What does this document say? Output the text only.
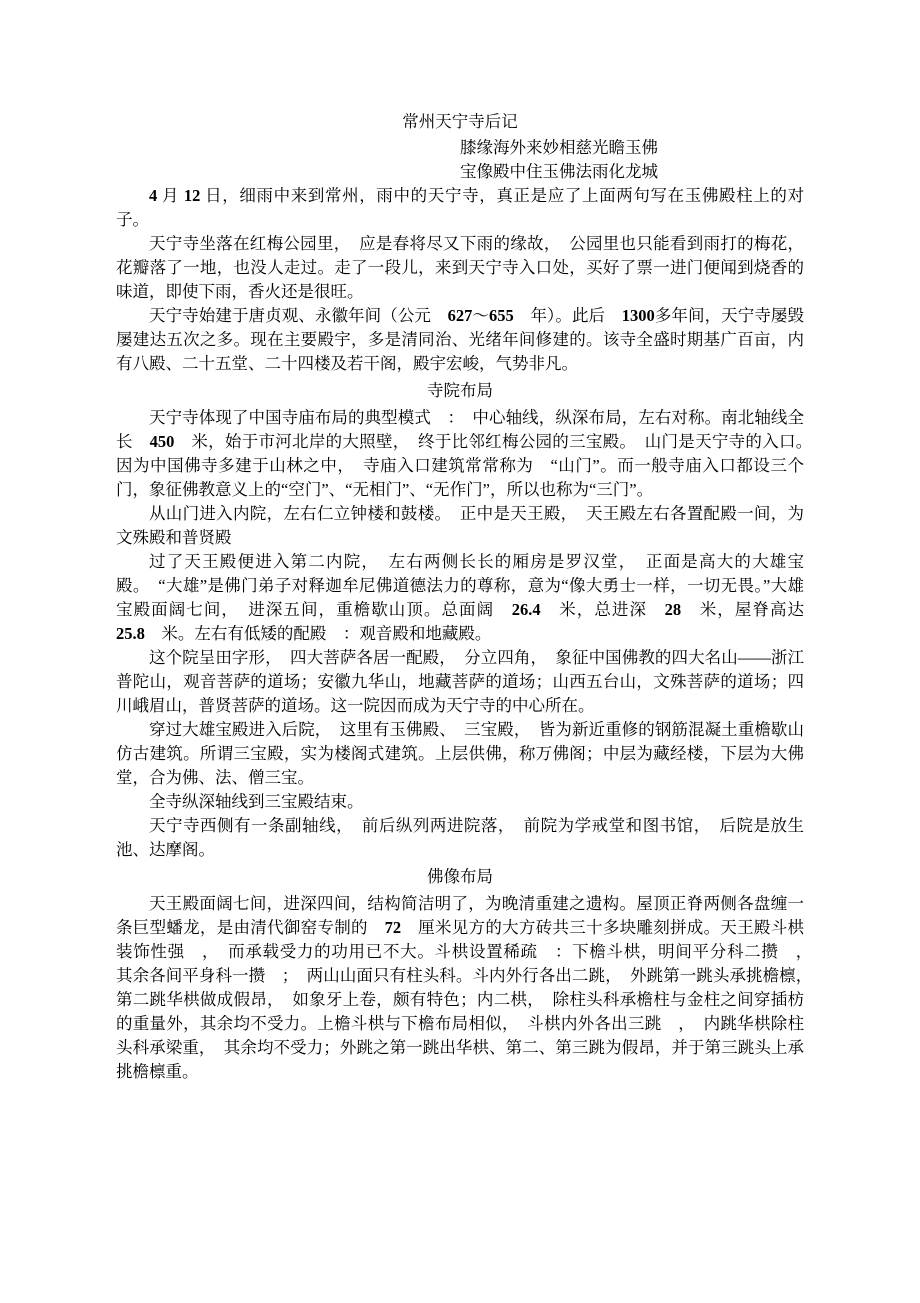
常州天宁寺后记
膝缘海外来妙相慈光瞻玉佛
宝像殿中住玉佛法雨化龙城

4 月 12 日，细雨中来到常州，雨中的天宁寺，真正是应了上面两句写在玉佛殿柱上的对子。

天宁寺坐落在红梅公园里，　应是春将尽又下雨的缘故，　公园里也只能看到雨打的梅花，花瓣落了一地，也没人走过。走了一段儿，来到天宁寺入口处，买好了票一进门便闻到烧香的味道，即使下雨，香火还是很旺。

天宁寺始建于唐贞观、永徽年间（公元　627～655　年）。此后　1300多年间，天宁寺屡毁屡建达五次之多。现在主要殿宇，多是清同治、光绪年间修建的。该寺全盛时期基广百亩，内有八殿、二十五堂、二十四楼及若干阁，殿宇宏峻，气势非凡。

寺院布局

天宁寺体现了中国寺庙布局的典型模式　：　中心轴线，纵深布局，左右对称。南北轴线全长　450　米，始于市河北岸的大照壁，　终于比邻红梅公园的三宝殿。　山门是天宁寺的入口。　因为中国佛寺多建于山林之中，　寺庙入口建筑常常称为　“山门”。而一般寺庙入口都设三个门，象征佛教意义上的“空门”、“无相门”、“无作门”，所以也称为“三门”。

从山门进入内院，左右仁立钟楼和鼓楼。　正中是天王殿，　天王殿左右各置配殿一间，为文殊殿和普贤殿

过了天王殿便进入第二内院，　左右两侧长长的厢房是罗汉堂，　正面是高大的大雄宝殿。　“大雄”是佛门弟子对释迦牟尼佛道德法力的尊称，意为“像大勇士一样，一切无畏。”大雄宝殿面阔七间，　进深五间，重檐歇山顶。总面阔　26.4　米，总进深　28　米，屋脊高达　25.8　米。左右有低矮的配殿　：观音殿和地藏殿。

这个院呈田字形，　四大菩萨各居一配殿，　分立四角，　象征中国佛教的四大名山——浙江普陀山，观音菩萨的道场；安徽九华山，地藏菩萨的道场；山西五台山，文殊菩萨的道场；四川峨眉山，普贤菩萨的道场。这一院因而成为天宁寺的中心所在。

穿过大雄宝殿进入后院，　这里有玉佛殿、　三宝殿，　皆为新近重修的钢筋混凝土重檐歇山仿古建筑。所谓三宝殿，实为楼阁式建筑。上层供佛，称万佛阁；中层为藏经楼，下层为大佛堂，合为佛、法、僧三宝。

全寺纵深轴线到三宝殿结束。

天宁寺西侧有一条副轴线，　前后纵列两进院落，　前院为学戒堂和图书馆，　后院是放生池、达摩阁。

佛像布局

天王殿面阔七间，进深四间，结构简洁明了，为晚清重建之遗构。屋顶正脊两侧各盘缠一条巨型蟠龙，是由清代御窑专制的　72　厘米见方的大方砖共三十多块雕刻拼成。天王殿斗栱装饰性强　，　而承载受力的功用已不大。斗栱设置稀疏　：下檐斗栱，明间平分科二攒　，　其余各间平身科一攒　；　两山山面只有柱头科。斗内外行各出二跳，　外跳第一跳头承挑檐檩，　第二跳华栱做成假昂，　如象牙上卷，颇有特色；内二栱，　除柱头科承檐柱与金柱之间穿插枋的重量外，其余均不受力。上檐斗栱与下檐布局相似，　斗栱内外各出三跳　，　内跳华栱除柱头科承梁重，　其余均不受力；外跳之第一跳出华栱、第二、第三跳为假昂，并于第三跳头上承挑檐檩重。
